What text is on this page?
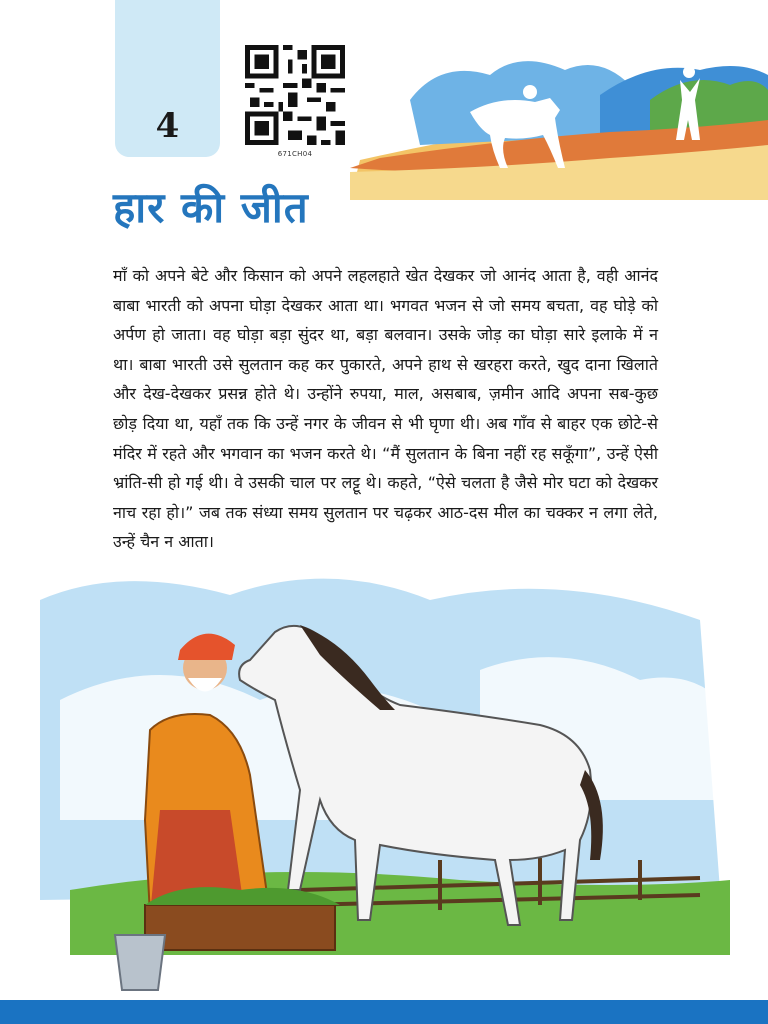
4
671CH04
हार की जीत

माँ को अपने बेटे और किसान को अपने लहलहाते खेत देखकर जो आनंद आता है, वही आनंद बाबा भारती को अपना घोड़ा देखकर आता था। भगवत भजन से जो समय बचता, वह घोड़े को अर्पण हो जाता। वह घोड़ा बड़ा सुंदर था, बड़ा बलवान। उसके जोड़ का घोड़ा सारे इलाके में न था। बाबा भारती उसे सुलतान कह कर पुकारते, अपने हाथ से खरहरा करते, खुद दाना खिलाते और देख-देखकर प्रसन्न होते थे। उन्होंने रुपया, माल, असबाब, ज़मीन आदि अपना सब-कुछ छोड़ दिया था, यहाँ तक कि उन्हें नगर के जीवन से भी घृणा थी। अब गाँव से बाहर एक छोटे-से मंदिर में रहते और भगवान का भजन करते थे। “मैं सुलतान के बिना नहीं रह सकूँगा”, उन्हें ऐसी भ्रांति-सी हो गई थी। वे उसकी चाल पर लट्टू थे। कहते, “ऐसे चलता है जैसे मोर घटा को देखकर नाच रहा हो।” जब तक संध्या समय सुलतान पर चढ़कर आठ-दस मील का चक्कर न लगा लेते, उन्हें चैन न आता।
